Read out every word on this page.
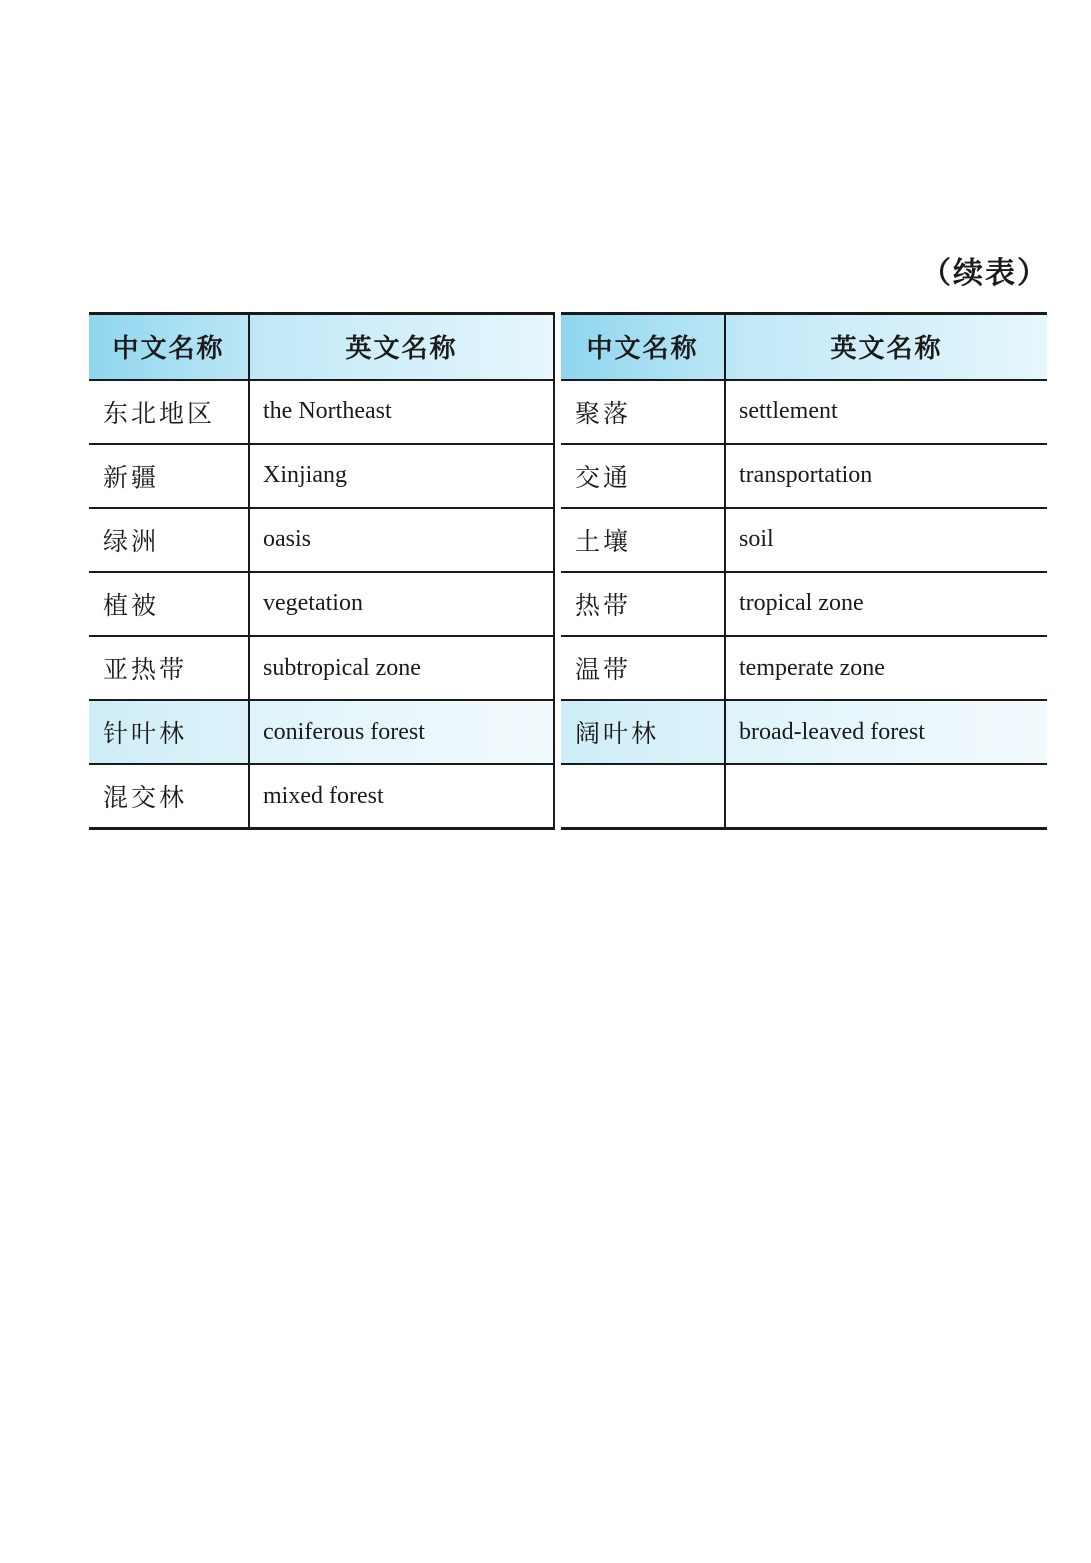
（续表）
中文名称	英文名称
东北地区	the Northeast
新疆	Xinjiang
绿洲	oasis
植被	vegetation
亚热带	subtropical zone
针叶林	coniferous forest
混交林	mixed forest
中文名称	英文名称
聚落	settlement
交通	transportation
土壤	soil
热带	tropical zone
温带	temperate zone
阔叶林	broad-leaved forest
